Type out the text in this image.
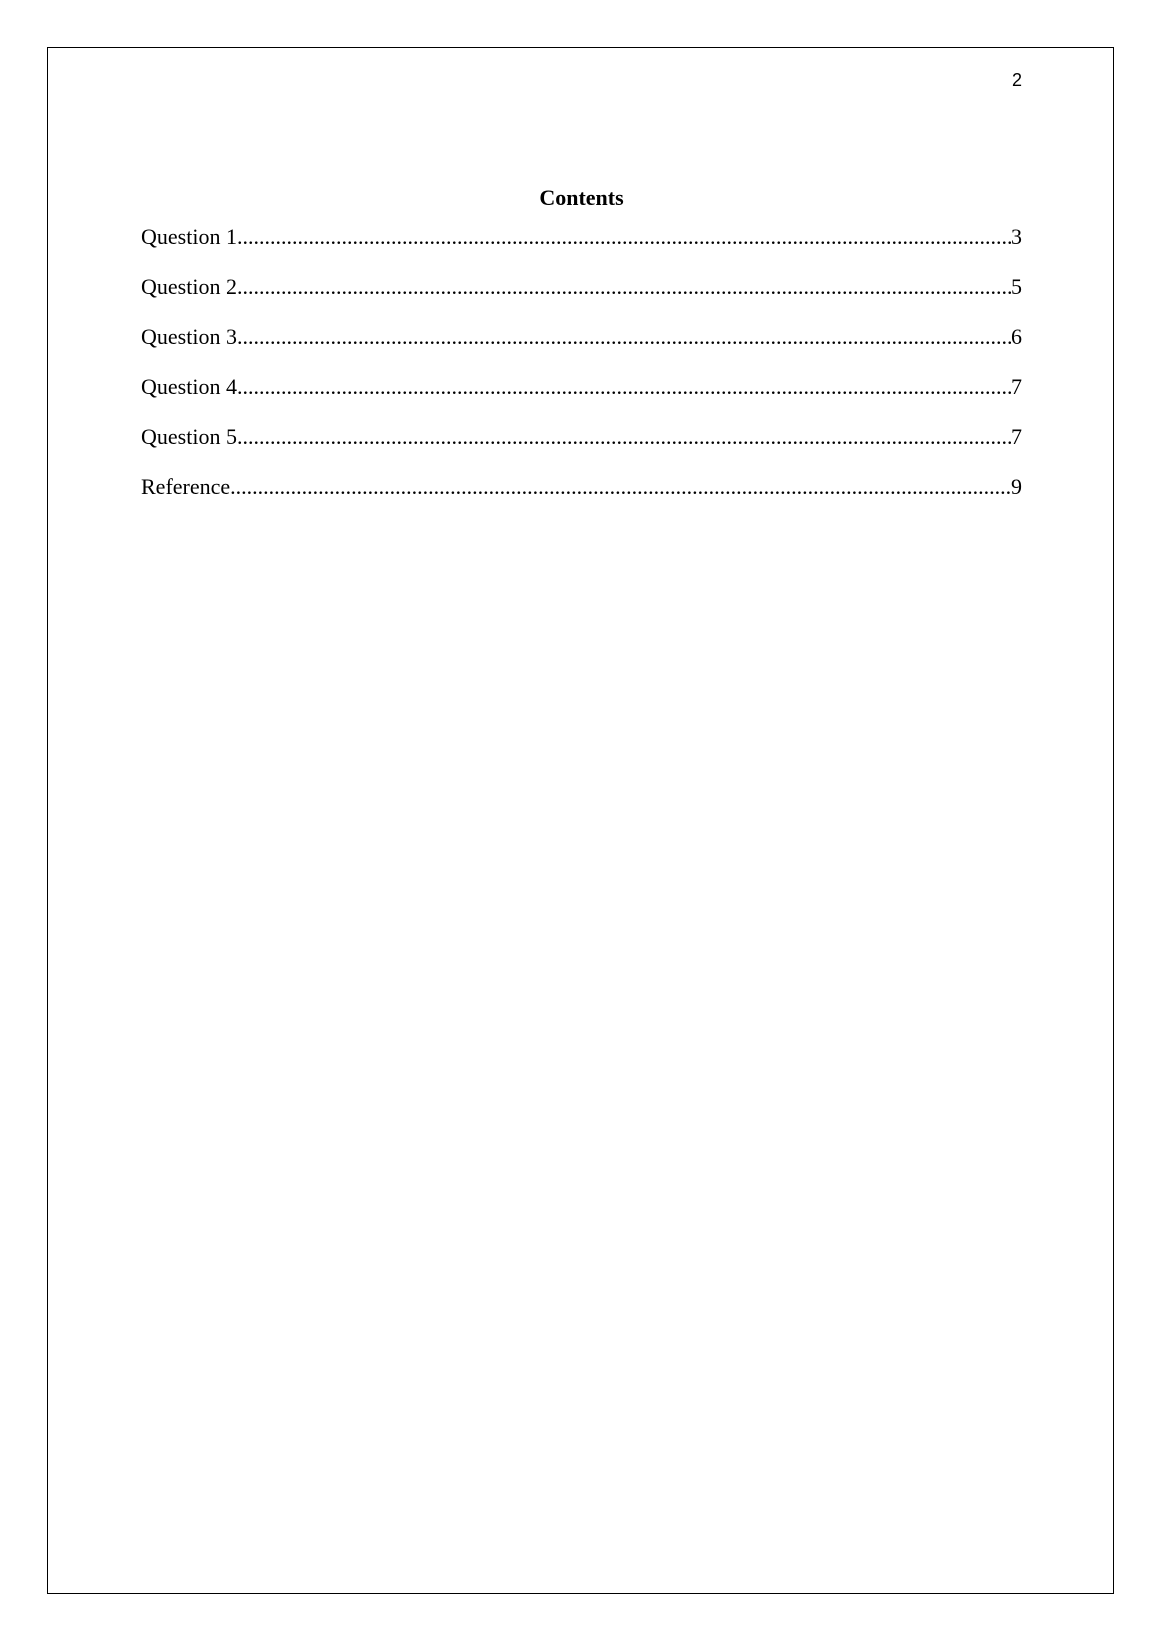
2
Contents
Question 1 .....	3
Question 2 .....	5
Question 3 .....	6
Question 4 .....	7
Question 5 .....	7
Reference .....	9
